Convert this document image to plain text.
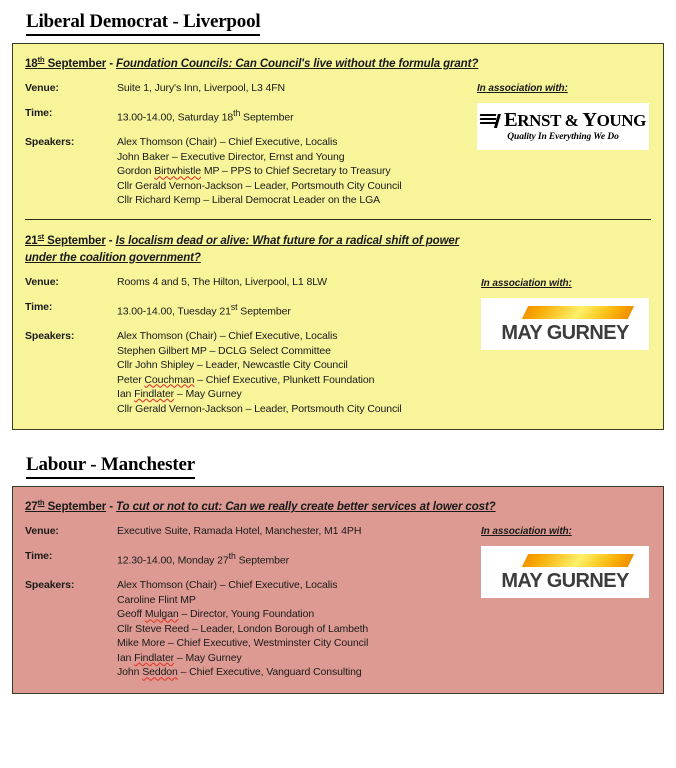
Liberal Democrat - Liverpool
In association with:
ERNST & YOUNG
Quality In Everything We Do

18th September - Foundation Councils: Can Council's live without the formula grant?

Venue:	Suite 1, Jury's Inn, Liverpool, L3 4FN
Time:	13.00-14.00, Saturday 18th September
Speakers:	Alex Thomson (Chair) – Chief Executive, Localis
John Baker – Executive Director, Ernst and Young
Gordon Birtwhistle MP – PPS to Chief Secretary to Treasury
Cllr Gerald Vernon-Jackson – Leader, Portsmouth City Council
Cllr Richard Kemp – Liberal Democrat Leader on the LGA
In association with:
MAY GURNEY

21st September - Is localism dead or alive: What future for a radical shift of power under the coalition government?

Venue:	Rooms 4 and 5, The Hilton, Liverpool, L1 8LW
Time:	13.00-14.00, Tuesday 21st September
Speakers:	Alex Thomson (Chair) – Chief Executive, Localis
Stephen Gilbert MP – DCLG Select Committee
Cllr John Shipley – Leader, Newcastle City Council
Peter Couchman – Chief Executive, Plunkett Foundation
Ian Findlater – May Gurney
Cllr Gerald Vernon-Jackson – Leader, Portsmouth City Council
Labour - Manchester
In association with:
MAY GURNEY

27th September - To cut or not to cut: Can we really create better services at lower cost?

Venue:	Executive Suite, Ramada Hotel, Manchester, M1 4PH
Time:	12.30-14.00, Monday 27th September
Speakers:	Alex Thomson (Chair) – Chief Executive, Localis
Caroline Flint MP
Geoff Mulgan – Director, Young Foundation
Cllr Steve Reed – Leader, London Borough of Lambeth
Mike More – Chief Executive, Westminster City Council
Ian Findlater – May Gurney
John Seddon – Chief Executive, Vanguard Consulting
